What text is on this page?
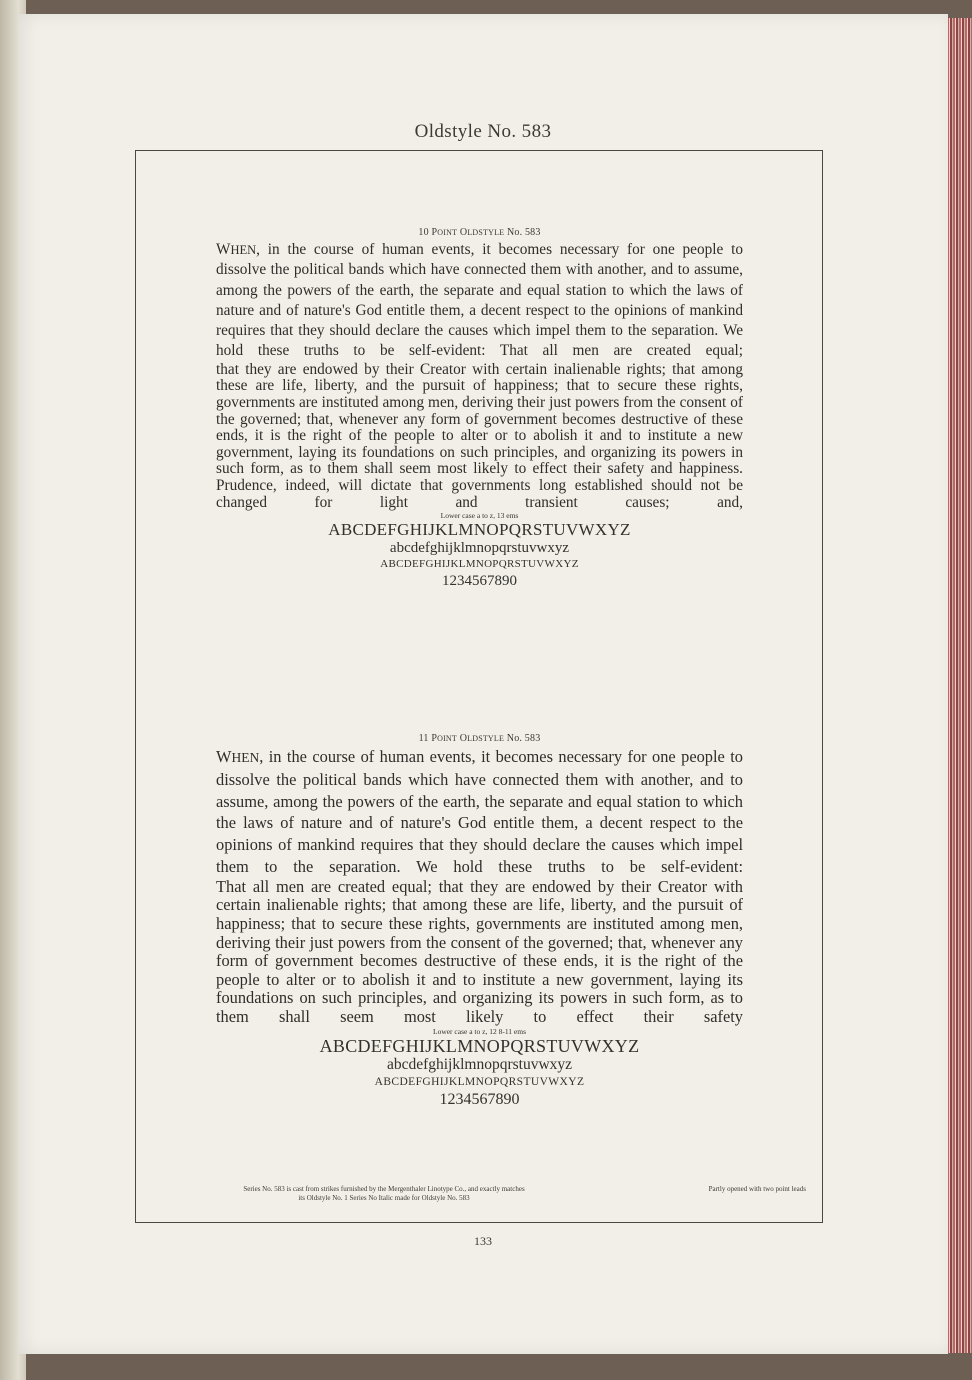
Oldstyle No. 583
10 POINT OLDSTYLE No. 583
WHEN, in the course of human events, it becomes necessary for one people to dissolve the political bands which have connected them with another, and to assume, among the powers of the earth, the separate and equal station to which the laws of nature and of nature's God entitle them, a decent respect to the opinions of mankind requires that they should declare the causes which impel them to the separation. We hold these truths to be self-evident: That all men are created equal;
that they are endowed by their Creator with certain inalienable rights; that among these are life, liberty, and the pursuit of happiness; that to secure these rights, governments are instituted among men, deriving their just powers from the consent of the governed; that, whenever any form of government becomes destructive of these ends, it is the right of the people to alter or to abolish it and to institute a new government, laying its foundations on such principles, and organizing its powers in such form, as to them shall seem most likely to effect their safety and happiness. Prudence, indeed, will dictate that governments long established should not be changed for light and transient causes; and,
Lower case a to z, 13 ems
ABCDEFGHIJKLMNOPQRSTUVWXYZ
abcdefghijklmnopqrstuvwxyz
ABCDEFGHIJKLMNOPQRSTUVWXYZ
1234567890
11 POINT OLDSTYLE No. 583
WHEN, in the course of human events, it becomes necessary for one people to dissolve the political bands which have connected them with another, and to assume, among the powers of the earth, the separate and equal station to which the laws of nature and of nature's God entitle them, a decent respect to the opinions of mankind requires that they should declare the causes which impel them to the separation. We hold these truths to be self-evident:
That all men are created equal; that they are endowed by their Creator with certain inalienable rights; that among these are life, liberty, and the pursuit of happiness; that to secure these rights, governments are instituted among men, deriving their just powers from the consent of the governed; that, whenever any form of government becomes destructive of these ends, it is the right of the people to alter or to abolish it and to institute a new government, laying its foundations on such principles, and organizing its powers in such form, as to them shall seem most likely to effect their safety
Lower case a to z, 12 8-11 ems
ABCDEFGHIJKLMNOPQRSTUVWXYZ
abcdefghijklmnopqrstuvwxyz
ABCDEFGHIJKLMNOPQRSTUVWXYZ
1234567890
Series No. 583 is cast from strikes furnished by the Mergenthaler Linotype Co., and exactly matches
its Oldstyle No. 1 Series No Italic made for Oldstyle No. 583
Partly opened with two point leads
133
